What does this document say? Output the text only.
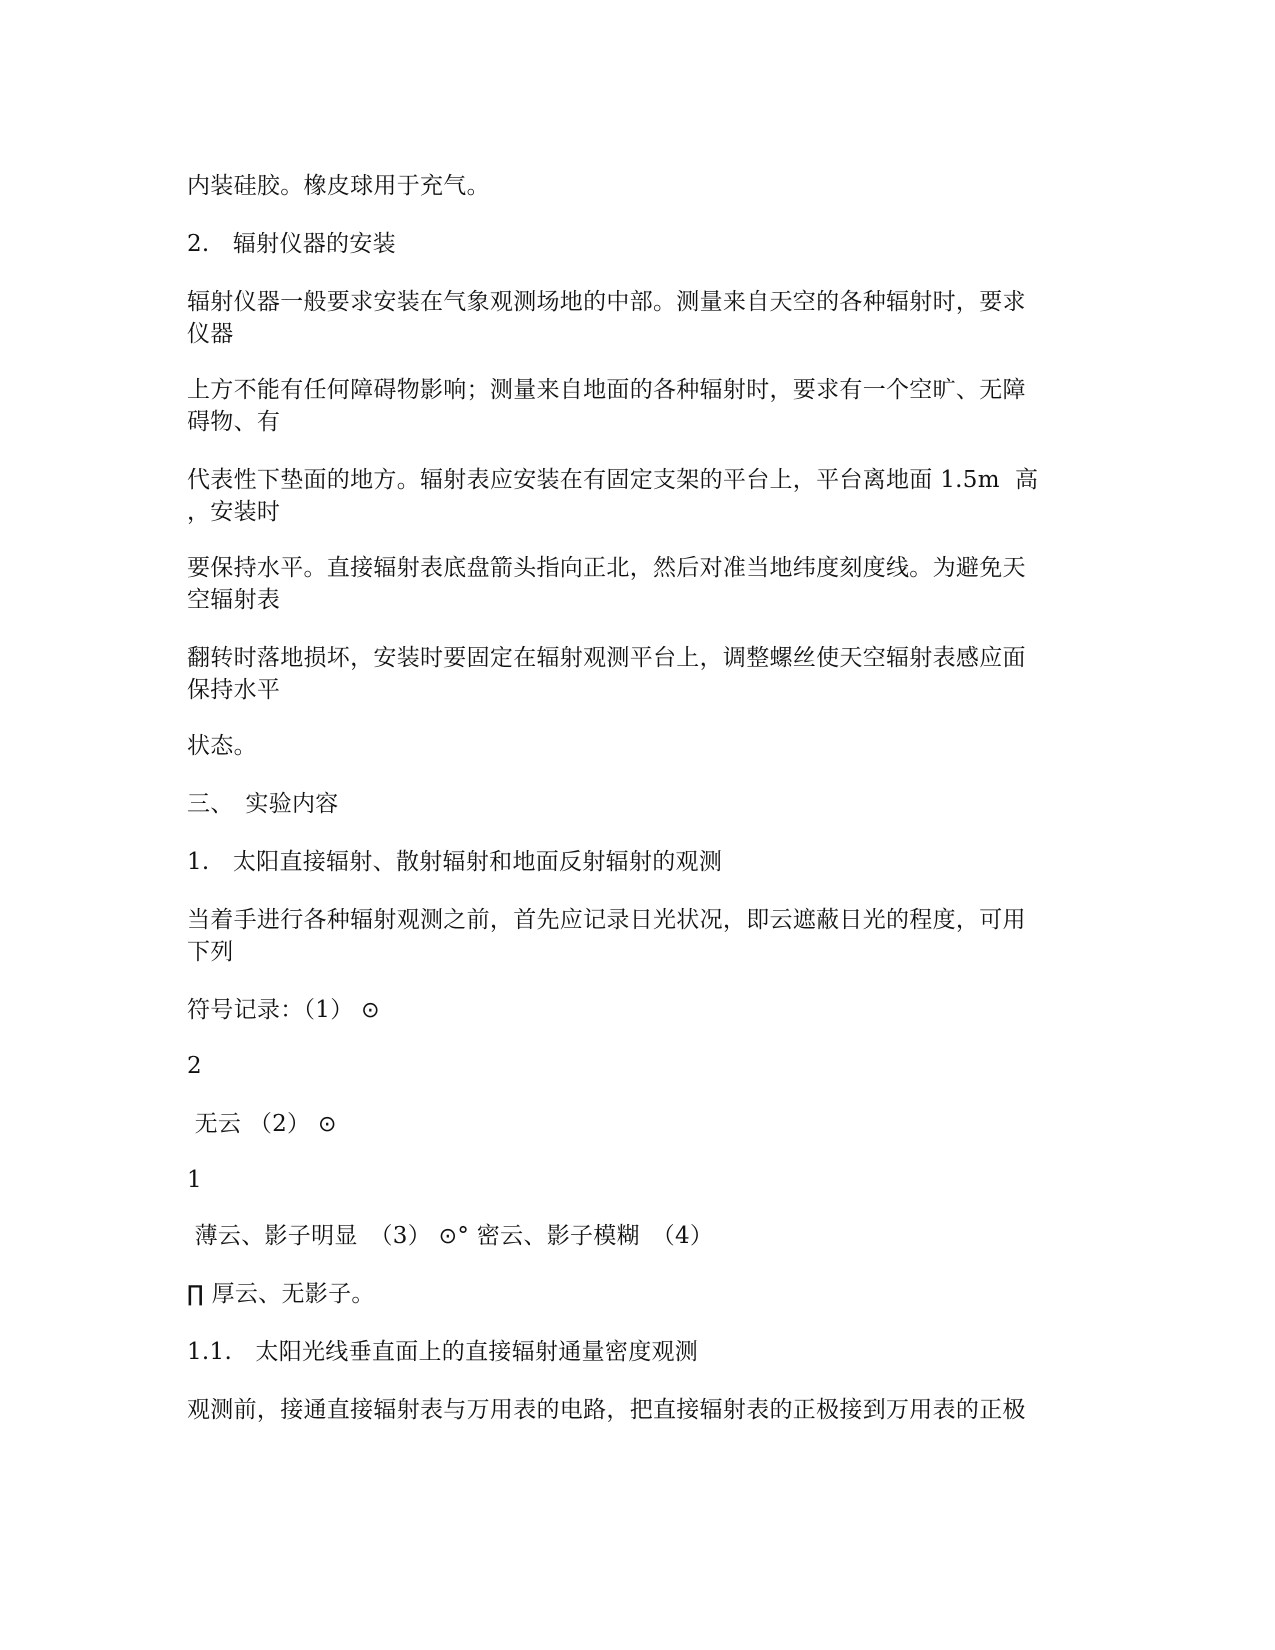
内装硅胶。橡皮球用于充气。

2.　辐射仪器的安装

辐射仪器一般要求安装在气象观测场地的中部。测量来自天空的各种辐射时，要求

仪器

上方不能有任何障碍物影响；测量来自地面的各种辐射时，要求有一个空旷、无障

碍物、有

代表性下垫面的地方。辐射表应安装在有固定支架的平台上，平台离地面 1.5m  高

，安装时

要保持水平。直接辐射表底盘箭头指向正北，然后对准当地纬度刻度线。为避免天

空辐射表

翻转时落地损坏，安装时要固定在辐射观测平台上，调整螺丝使天空辐射表感应面

保持水平

状态。

三、　实验内容

1.　太阳直接辐射、散射辐射和地面反射辐射的观测

当着手进行各种辐射观测之前，首先应记录日光状况，即云遮蔽日光的程度，可用

下列

符号记录：（1） ⊙

2

无云 （2） ⊙

1

薄云、影子明显　（3） ⊙° 密云、影子模糊　（4）

∏ 厚云、无影子。

1.1.　太阳光线垂直面上的直接辐射通量密度观测

观测前，接通直接辐射表与万用表的电路，把直接辐射表的正极接到万用表的正极
